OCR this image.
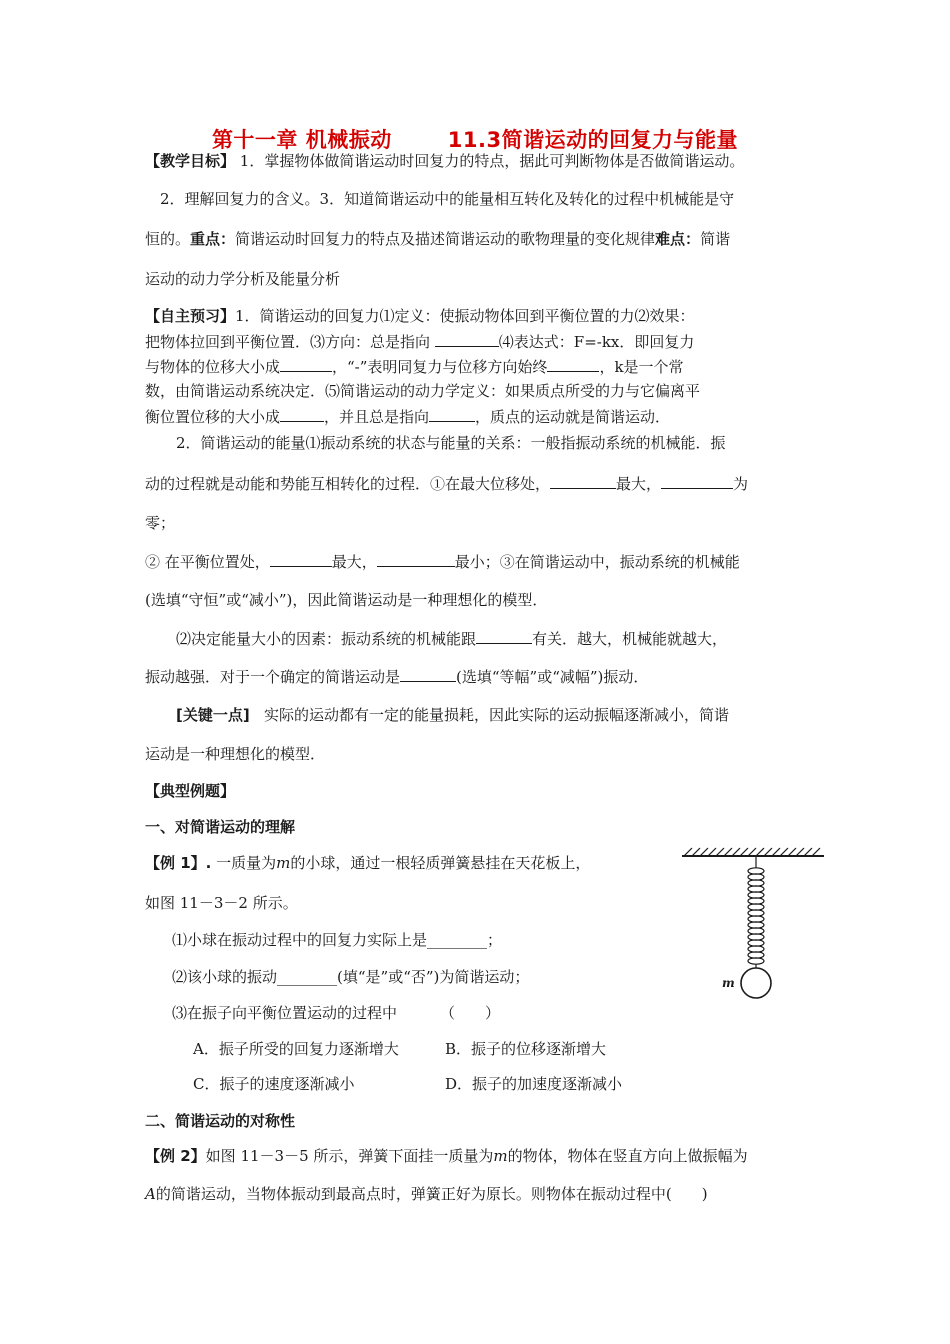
第十一章 机械振动	11.3简谐运动的回复力与能量
【教学目标】 1．掌握物体做简谐运动时回复力的特点，据此可判断物体是否做简谐运动。
2．理解回复力的含义。3．知道简谐运动中的能量相互转化及转化的过程中机械能是守
恒的。重点：简谐运动时回复力的特点及描述简谐运动的歌物理量的变化规律难点：简谐
运动的动力学分析及能量分析
【自主预习】1．简谐运动的回复力⑴定义：使振动物体回到平衡位置的力⑵效果：
把物体拉回到平衡位置．⑶方向：总是指向	⑷表达式：F=-kx．即回复力
与物体的位移大小成	，“-”表明同复力与位移方向始终	，k是一个常
数，由简谐运动系统决定．⑸简谐运动的动力学定义：如果质点所受的力与它偏离平
衡位置位移的大小成	，并且总是指向	，质点的运动就是简谐运动．
2．简谐运动的能量⑴振动系统的状态与能量的关系：一般指振动系统的机械能．振
动的过程就是动能和势能互相转化的过程．①在最大位移处，	最大，	为
零；
② 在平衡位置处，	最大，	最小；③在简谐运动中，振动系统的机械能
(选填“守恒”或“减小”)，因此简谐运动是一种理想化的模型．
⑵决定能量大小的因素：振动系统的机械能跟	有关．越大，机械能就越大，
振动越强．对于一个确定的简谐运动是	(选填“等幅”或“减幅”)振动．
[关键一点] 实际的运动都有一定的能量损耗，因此实际的运动振幅逐渐减小，简谐
运动是一种理想化的模型．
【典型例题】
一、对简谐运动的理解
【例 1】. 一质量为m的小球，通过一根轻质弹簧悬挂在天花板上，
如图 11－3－2 所示。
⑴小球在振动过程中的回复力实际上是________；
⑵该小球的振动________(填“是”或“否”)为简谐运动；
⑶在振子向平衡位置运动的过程中	（　　）
A．振子所受的回复力逐渐增大	B．振子的位移逐渐增大
C．振子的速度逐渐减小	D．振子的加速度逐渐减小
二、简谐运动的对称性
【例 2】如图 11－3－5 所示，弹簧下面挂一质量为m的物体，物体在竖直方向上做振幅为
A的简谐运动，当物体振动到最高点时，弹簧正好为原长。则物体在振动过程中(　　)
m
